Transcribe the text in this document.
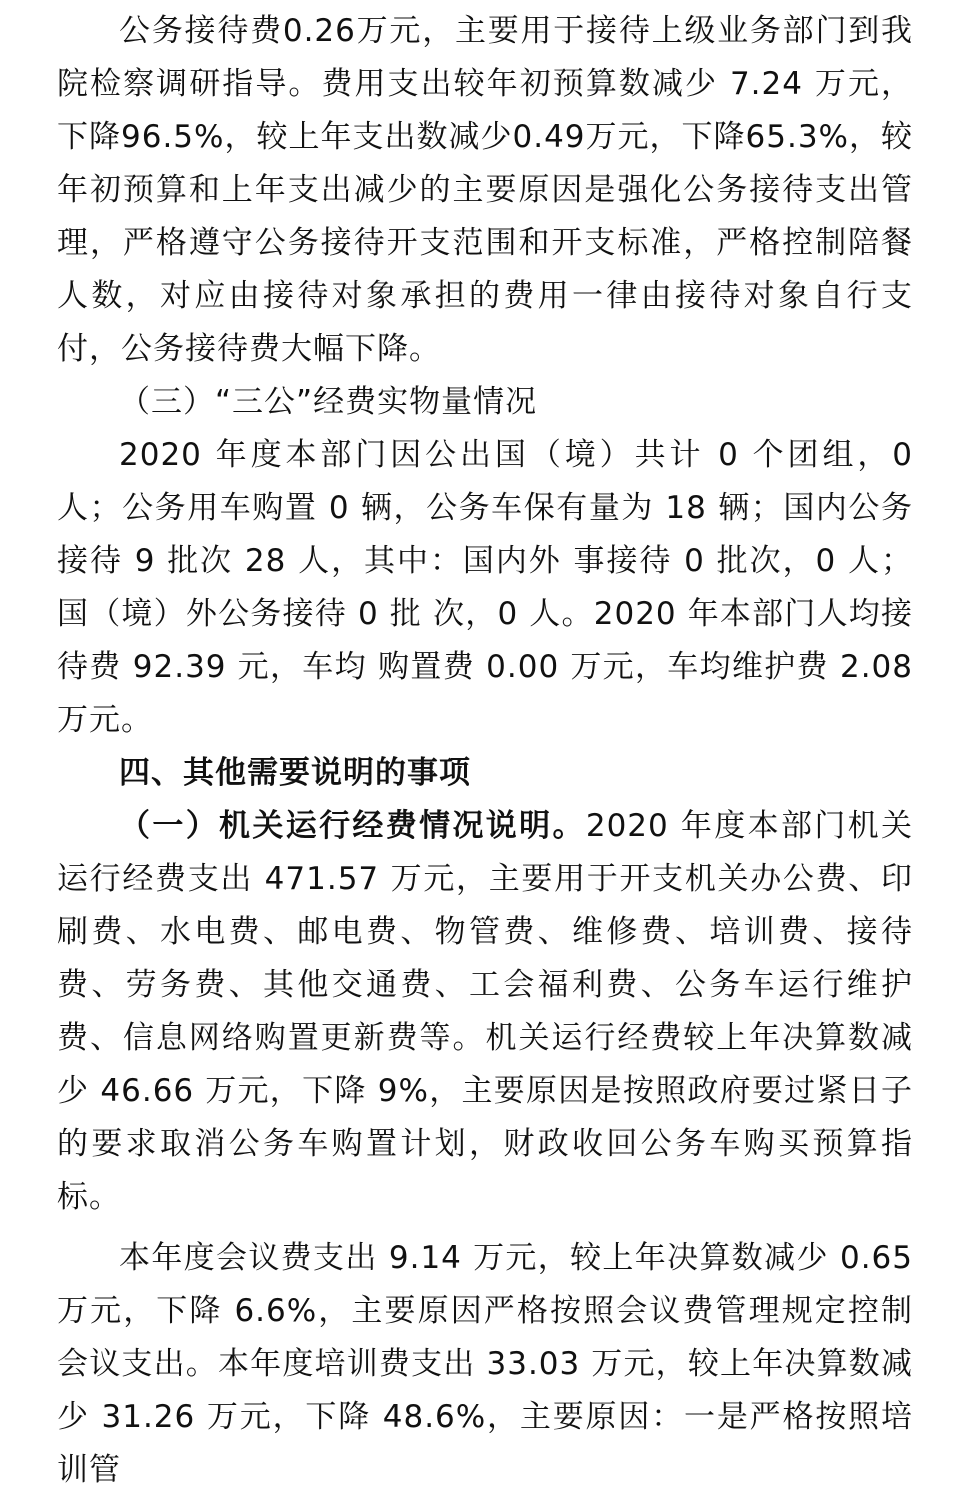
公务接待费0.26万元，主要用于接待上级业务部门到我院检察调研指导。费用支出较年初预算数减少 7.24 万元，下降96.5%，较上年支出数减少0.49万元，下降65.3%，较年初预算和上年支出减少的主要原因是强化公务接待支出管理，严格遵守公务接待开支范围和开支标准，严格控制陪餐人数，对应由接待对象承担的费用一律由接待对象自行支付，公务接待费大幅下降。

（三）“三公”经费实物量情况

2020 年度本部门因公出国（境）共计 0 个团组，0 人；公务用车购置 0 辆，公务车保有量为 18 辆；国内公务接待 9 批次 28 人，其中：国内外 事接待 0 批次，0 人；国（境）外公务接待 0 批 次，0 人。2020 年本部门人均接待费 92.39 元，车均 购置费 0.00 万元，车均维护费 2.08 万元。

四、其他需要说明的事项

（一）机关运行经费情况说明。2020 年度本部门机关运行经费支出 471.57 万元，主要用于开支机关办公费、印刷费、水电费、邮电费、物管费、维修费、培训费、接待费、劳务费、其他交通费、工会福利费、公务车运行维护费、信息网络购置更新费等。机关运行经费较上年决算数减少 46.66 万元，下降 9%，主要原因是按照政府要过紧日子的要求取消公务车购置计划，财政收回公务车购买预算指标。

本年度会议费支出 9.14 万元，较上年决算数减少 0.65 万元，下降 6.6%，主要原因严格按照会议费管理规定控制会议支出。本年度培训费支出 33.03 万元，较上年决算数减少 31.26 万元，下降 48.6%，主要原因：一是严格按照培训管
